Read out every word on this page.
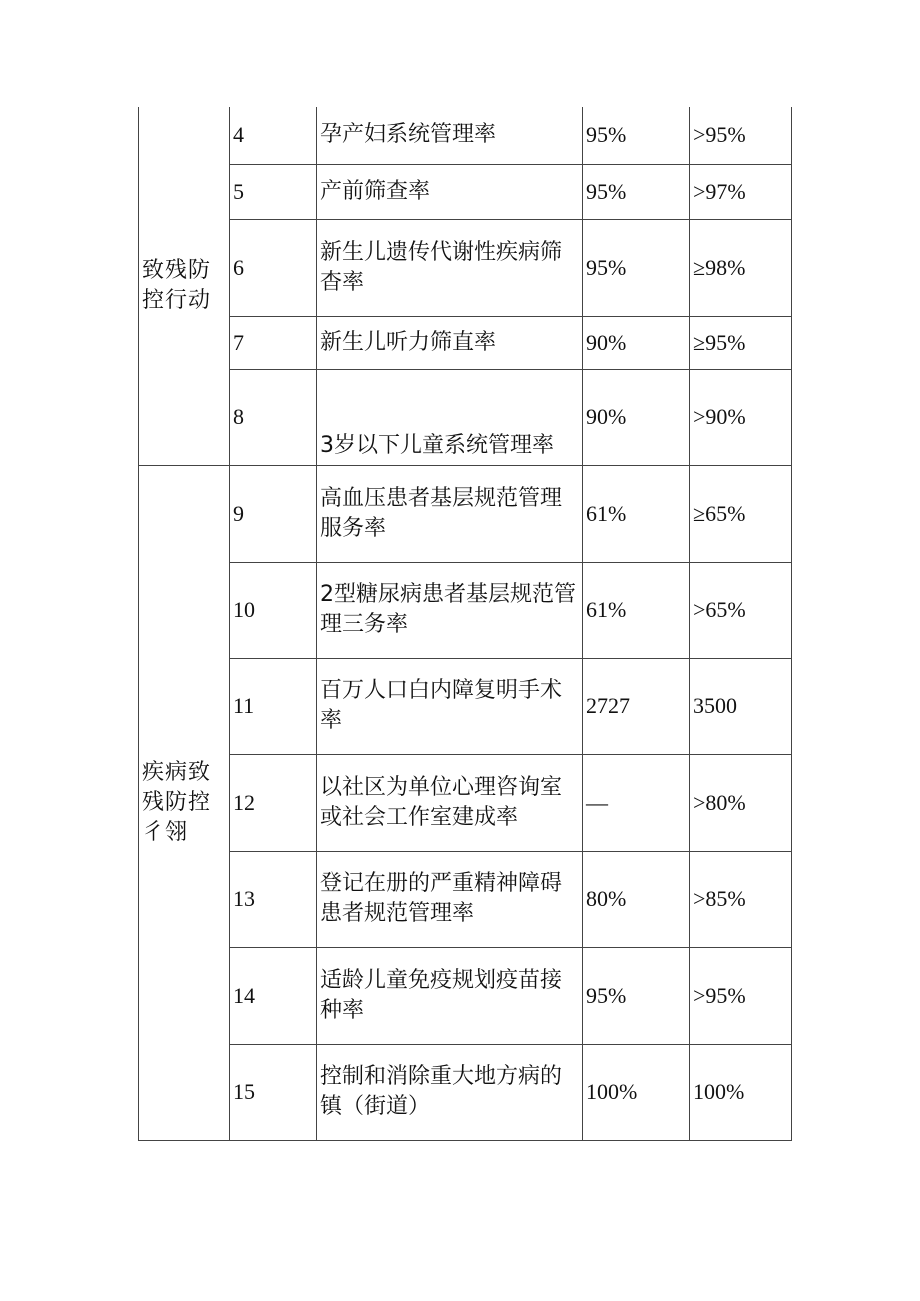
致残防控行动	4	孕产妇系统管理率	95%	>95%
	5	产前筛查率	95%	>97%
	6	新生儿遗传代谢性疾病筛杳率	95%	≥98%
	7	新生儿听力筛直率	90%	≥95%
	8	3岁以下儿童系统管理率	90%	>90%
疾病致残防控彳翎	9	高血压患者基层规范管理服务率	61%	≥65%
	10	2型糖尿病患者基层规范管理三务率	61%	>65%
	11	百万人口白内障复明手术率	2727	3500
	12	以社区为单位心理咨询室或社会工作室建成率	—	>80%
	13	登记在册的严重精神障碍患者规范管理率	80%	>85%
	14	适龄儿童免疫规划疫苗接种率	95%	>95%
	15	控制和消除重大地方病的镇（街道）	100%	100%
